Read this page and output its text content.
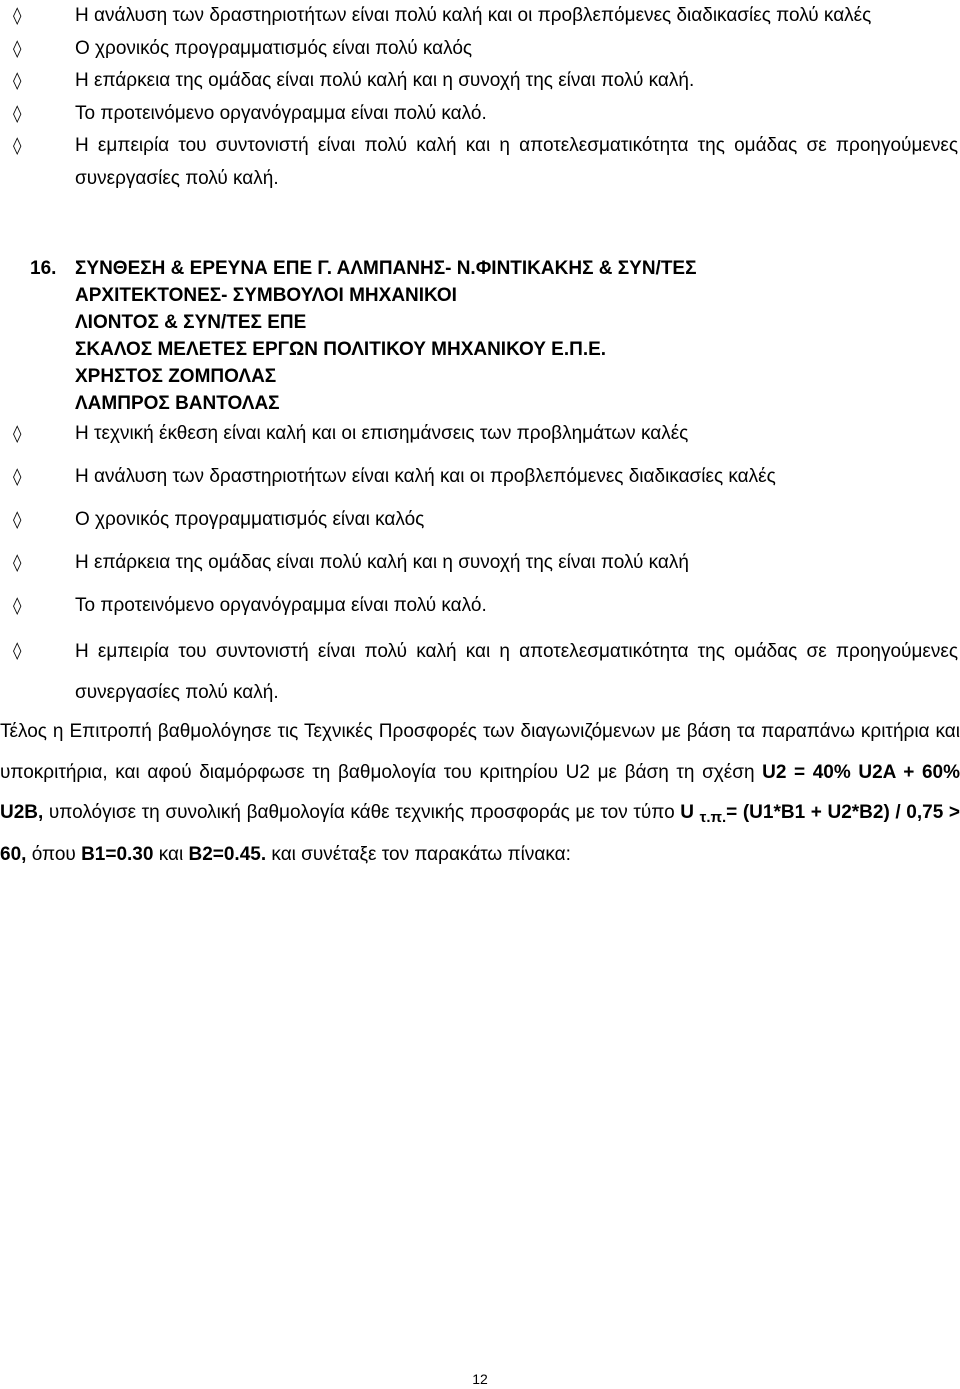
◊	Η ανάλυση των δραστηριοτήτων είναι πολύ καλή και οι προβλεπόμενες διαδικασίες πολύ καλές
◊	Ο χρονικός προγραμματισμός είναι πολύ καλός
◊	Η επάρκεια της ομάδας είναι πολύ καλή και η συνοχή της είναι πολύ καλή.
◊	Το προτεινόμενο οργανόγραμμα είναι πολύ καλό.
◊	Η εμπειρία του συντονιστή είναι πολύ καλή και η αποτελεσματικότητα της ομάδας σε προηγούμενες συνεργασίες πολύ καλή.
16. ΣΥΝΘΕΣΗ & ΕΡΕΥΝΑ ΕΠΕ Γ. ΑΛΜΠΑΝΗΣ- Ν.ΦΙΝΤΙΚΑΚΗΣ & ΣΥΝ/ΤΕΣ
ΑΡΧΙΤΕΚΤΟΝΕΣ- ΣΥΜΒΟΥΛΟΙ ΜΗΧΑΝΙΚΟΙ
ΛΙΟΝΤΟΣ & ΣΥΝ/ΤΕΣ ΕΠΕ
ΣΚΑΛΟΣ ΜΕΛΕΤΕΣ ΕΡΓΩΝ ΠΟΛΙΤΙΚΟΥ ΜΗΧΑΝΙΚΟΥ Ε.Π.Ε.
ΧΡΗΣΤΟΣ ΖΟΜΠΟΛΑΣ
ΛΑΜΠΡΟΣ ΒΑΝΤΟΛΑΣ
◊	Η τεχνική έκθεση είναι καλή και οι επισημάνσεις των προβλημάτων καλές
◊	Η ανάλυση των δραστηριοτήτων είναι καλή και οι προβλεπόμενες διαδικασίες καλές
◊	Ο χρονικός προγραμματισμός είναι καλός
◊	Η επάρκεια της ομάδας είναι πολύ καλή και η συνοχή της είναι πολύ καλή
◊	Το προτεινόμενο οργανόγραμμα είναι πολύ καλό.
◊	Η εμπειρία του συντονιστή είναι πολύ καλή και η αποτελεσματικότητα της ομάδας σε προηγούμενες συνεργασίες πολύ καλή.
Τέλος η Επιτροπή βαθμολόγησε τις Τεχνικές Προσφορές των διαγωνιζόμενων με βάση τα παραπάνω κριτήρια και υποκριτήρια, και αφού διαμόρφωσε τη βαθμολογία του κριτηρίου U2 με βάση τη σχέση U2 = 40% U2A + 60% U2B, υπολόγισε τη συνολική βαθμολογία κάθε τεχνικής προσφοράς με τον τύπο U $_{\tau.\pi.}$= (U1*B1 + U2*B2) / 0,75 > 60, όπου B1=0.30 και B2=0.45. και συνέταξε τον παρακάτω πίνακα:
12
